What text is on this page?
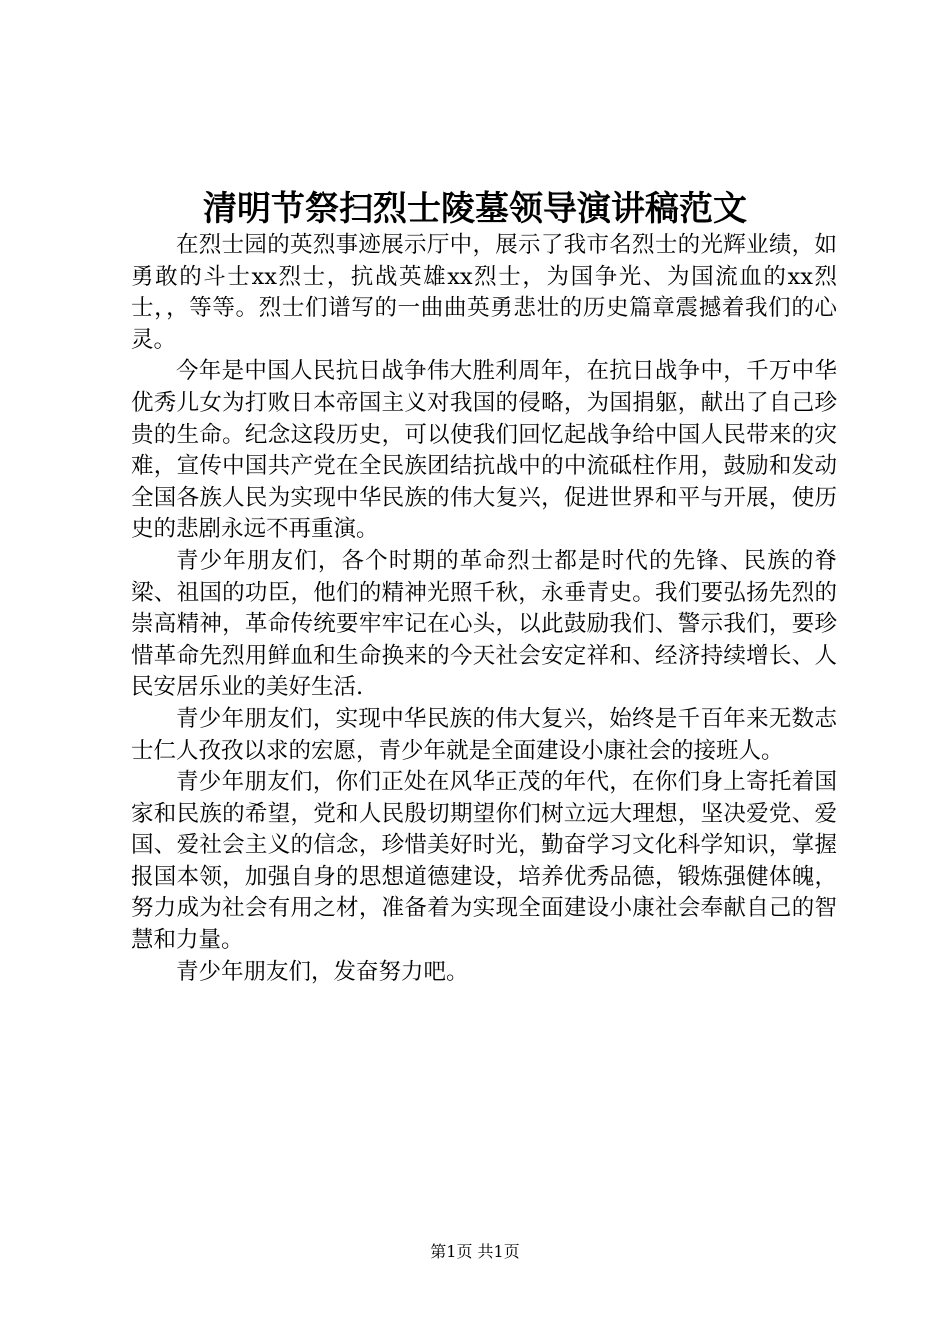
清明节祭扫烈士陵墓领导演讲稿范文

在烈士园的英烈事迹展示厅中，展示了我市名烈士的光辉业绩，如勇敢的斗士xx烈士，抗战英雄xx烈士，为国争光、为国流血的xx烈士，，等等。烈士们谱写的一曲曲英勇悲壮的历史篇章震撼着我们的心灵。

今年是中国人民抗日战争伟大胜利周年，在抗日战争中，千万中华优秀儿女为打败日本帝国主义对我国的侵略，为国捐躯，献出了自己珍贵的生命。纪念这段历史，可以使我们回忆起战争给中国人民带来的灾难，宣传中国共产党在全民族团结抗战中的中流砥柱作用，鼓励和发动全国各族人民为实现中华民族的伟大复兴，促进世界和平与开展，使历史的悲剧永远不再重演。

青少年朋友们，各个时期的革命烈士都是时代的先锋、民族的脊梁、祖国的功臣，他们的精神光照千秋，永垂青史。我们要弘扬先烈的崇高精神，革命传统要牢牢记在心头，以此鼓励我们、警示我们，要珍惜革命先烈用鲜血和生命换来的今天社会安定祥和、经济持续增长、人民安居乐业的美好生活.

青少年朋友们，实现中华民族的伟大复兴，始终是千百年来无数志士仁人孜孜以求的宏愿，青少年就是全面建设小康社会的接班人。

青少年朋友们，你们正处在风华正茂的年代，在你们身上寄托着国家和民族的希望，党和人民殷切期望你们树立远大理想，坚决爱党、爱国、爱社会主义的信念，珍惜美好时光，勤奋学习文化科学知识，掌握报国本领，加强自身的思想道德建设，培养优秀品德，锻炼强健体魄，努力成为社会有用之材，准备着为实现全面建设小康社会奉献自己的智慧和力量。

青少年朋友们，发奋努力吧。

第1页 共1页
